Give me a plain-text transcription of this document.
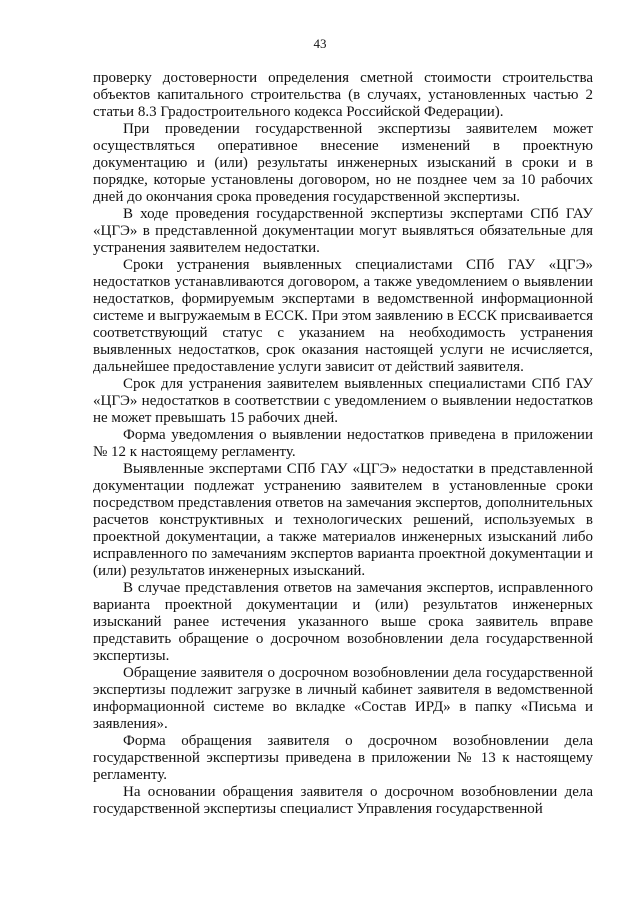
43

проверку достоверности определения сметной стоимости строительства объектов капитального строительства (в случаях, установленных частью 2 статьи 8.3 Градостроительного кодекса Российской Федерации).

При проведении государственной экспертизы заявителем может осуществляться оперативное внесение изменений в проектную документацию и (или) результаты инженерных изысканий в сроки и в порядке, которые установлены договором, но не позднее чем за 10 рабочих дней до окончания срока проведения государственной экспертизы.

В ходе проведения государственной экспертизы экспертами СПб ГАУ «ЦГЭ» в представленной документации могут выявляться обязательные для устранения заявителем недостатки.

Сроки устранения выявленных специалистами СПб ГАУ «ЦГЭ» недостатков устанавливаются договором, а также уведомлением о выявлении недостатков, формируемым экспертами в ведомственной информационной системе и выгружаемым в ЕССК. При этом заявлению в ЕССК присваивается соответствующий статус с указанием на необходимость устранения выявленных недостатков, срок оказания настоящей услуги не исчисляется, дальнейшее предоставление услуги зависит от действий заявителя.

Срок для устранения заявителем выявленных специалистами СПб ГАУ «ЦГЭ» недостатков в соответствии с уведомлением о выявлении недостатков не может превышать 15 рабочих дней.

Форма уведомления о выявлении недостатков приведена в приложении № 12 к настоящему регламенту.

Выявленные экспертами СПб ГАУ «ЦГЭ» недостатки в представленной документации подлежат устранению заявителем в установленные сроки посредством представления ответов на замечания экспертов, дополнительных расчетов конструктивных и технологических решений, используемых в проектной документации, а также материалов инженерных изысканий либо исправленного по замечаниям экспертов варианта проектной документации и (или) результатов инженерных изысканий.

В случае представления ответов на замечания экспертов, исправленного варианта проектной документации и (или) результатов инженерных изысканий ранее истечения указанного выше срока заявитель вправе представить обращение о досрочном возобновлении дела государственной экспертизы.

Обращение заявителя о досрочном возобновлении дела государственной экспертизы подлежит загрузке в личный кабинет заявителя в ведомственной информационной системе во вкладке «Состав ИРД» в папку «Письма и заявления».

Форма обращения заявителя о досрочном возобновлении дела государственной экспертизы приведена в приложении № 13 к настоящему регламенту.

На основании обращения заявителя о досрочном возобновлении дела государственной экспертизы специалист Управления государственной
